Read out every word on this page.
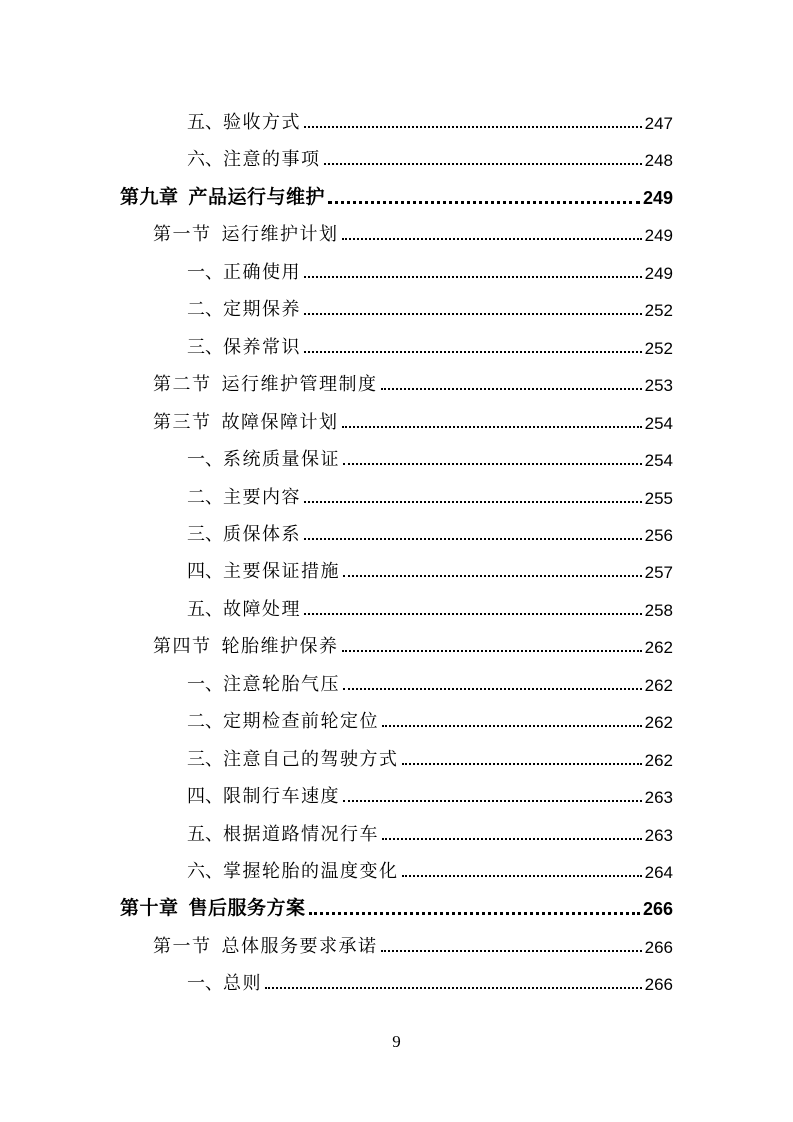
五、 验收方式	247
六、 注意的事项	248
第九章 产品运行与维护	249
第一节 运行维护计划	249
一、 正确使用	249
二、 定期保养	252
三、 保养常识	252
第二节 运行维护管理制度	253
第三节 故障保障计划	254
一、 系统质量保证	254
二、 主要内容	255
三、 质保体系	256
四、 主要保证措施	257
五、 故障处理	258
第四节 轮胎维护保养	262
一、 注意轮胎气压	262
二、 定期检查前轮定位	262
三、 注意自己的驾驶方式	262
四、 限制行车速度	263
五、 根据道路情况行车	263
六、 掌握轮胎的温度变化	264
第十章 售后服务方案	266
第一节 总体服务要求承诺	266
一、 总则	266
9
